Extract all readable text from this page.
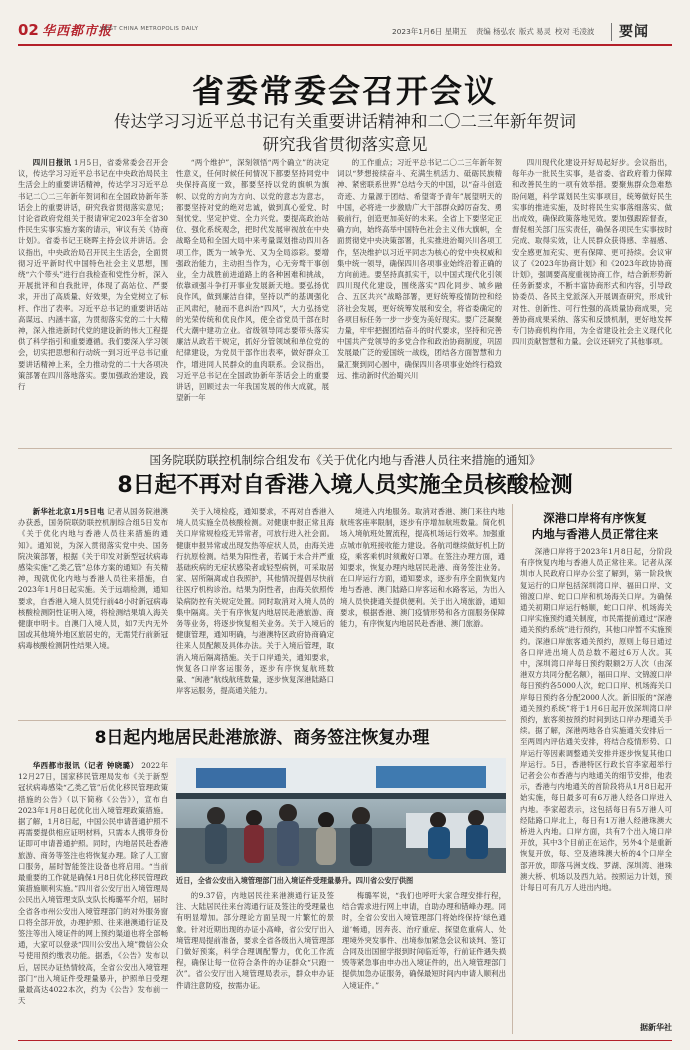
02 华西都市报
WEST CHINA METROPOLIS DAILY	2023年1月6日 星期五 责编 杨弘农 版式 易灵 校对 毛凌波 要闻
省委常委会召开会议
传达学习习近平总书记有关重要讲话精神和二〇二三年新年贺词
研究我省贯彻落实意见

四川日报讯 1月5日，省委常委会召开会议，传达学习习近平总书记在中央政治局民主生活会上的重要讲话精神，传达学习习近平总书记二〇二三年新年贺词和在全国政协新年茶话会上的重要讲话，研究我省贯彻落实意见；讨论省政府党组关于报请审定2023年全省30件民生实事实施方案的请示，审议有关《协商计划》。省委书记王晓晖主持会议并讲话。会议指出，中央政治局召开民主生活会，全面贯彻习近平新时代中国特色社会主义思想，围绕“六个带头”进行自我检查和党性分析，深入开展批评和自我批评，体现了高站位、严要求，开出了高质量、好效果，为全党树立了标杆、作出了表率。习近平总书记的重要讲话站高谋远、内涵丰富，为贯彻落实党的二十大精神，深入推进新时代党的建设新的伟大工程提供了科学指引和重要遵循。我们要深入学习领会，切实把思想和行动统一到习近平总书记重要讲话精神上来，全力推动党的二十大各项决策部署在四川落地落实。要加强政治建设，践行

“两个维护”，深刻领悟“两个确立”的决定性意义，任何时候任何情况下都要坚持同党中央保持高度一致，都要坚持以党的旗帜为旗帜、以党的方向为方向、以党的意志为意志，都要坚持对党的绝对忠诚，做到真心爱党、时刻忧党、坚定护党、全力兴党。要提高政治站位、强化系统观念，把时代发展审视放在中央战略全局和全国大局中来考量谋划推动四川各项工作，既为一域争光、又为全局添彩。要增强政治能力，主动担当作为，心无旁骛干事创业，全力战胜前进道路上的各种困难和挑战，依靠顽强斗争打开事业发展新天地。要弘扬优良作风，做到廉洁自律，坚持以严的基调强化正风肃纪，驰而不息纠治“四风”，大力弘扬党的光荣传统和优良作风，使全省党员干部在时代大潮中建功立业。省级领导同志要带头落实廉洁从政若干规定，抓好分管领域和单位党的纪律建设，为党员干部作出表率，做好群众工作，增进同人民群众的血肉联系。会议指出，习近平总书记在全国政协新年茶话会上的重要讲话，回顾过去一年我国发展的伟大成就，展望新一年

的工作重点；习近平总书记二〇二三年新年贺词以“梦想接续奋斗、充满生机活力、砥砺民族精神、紧密联系世界”总结今天的中国，以“奋斗创造奇迹、力量源于团结、希望寄予青年”展望明天的中国，必将进一步激励广大干部群众踔厉奋发、勇毅前行，创造更加美好的未来。全省上下要坚定正确方向，始终高举中国特色社会主义伟大旗帜，全面贯彻党中央决策部署，扎实推进治蜀兴川各项工作，坚决维护以习近平同志为核心的党中央权威和集中统一领导，确保四川各项事业始终沿着正确的方向前进。要坚持真抓实干，以中国式现代化引领四川现代化建设，围绕落实“四化同步、城乡融合、五区共兴”战略部署，更好统筹疫情防控和经济社会发展，更好统筹发展和安全，将省委确定的各项目标任务一步一步变为美好现实。要广泛凝聚力量，牢牢把握团结奋斗的时代要求，坚持和完善中国共产党领导的多党合作和政治协商制度，巩固发展最广泛的爱国统一战线，团结各方面智慧和力量汇聚到同心圆中，确保四川各项事业始终行稳致远、推动新时代治蜀兴川

四川现代化建设开好局起好步。会议指出，每年办一批民生实事，是省委、省政府着力保障和改善民生的一项有效举措。要聚焦群众急难愁盼问题，科学谋划民生实事项目，统筹做好民生实事的推进实施，及时将民生实事落细落实、做出成效，确保政策落地见效。要加强跟踪督查，督促相关部门压实责任，确保各项民生实事按时完成、取得实效，让人民群众获得感、幸福感、安全感更加充实、更有保障、更可持续。会议审议了《2023年协商计划》和《2023年政协协商计划》，强调要高度重视协商工作，结合新形势新任务新要求，不断丰富协商形式和内容，引导政协委员、各民主党派深入开展调查研究，形成针对性、创新性、可行性强的高质量协商成果，完善协商成果采纳、落实和反馈机制，更好地发挥专门协商机构作用，为全省建设社会主义现代化四川贡献智慧和力量。会议还研究了其他事项。

国务院联防联控机制综合组发布《关于优化内地与香港人员往来措施的通知》
8日起不再对自香港入境人员实施全员核酸检测

新华社北京1月5日电 记者从国务院港澳办获悉，国务院联防联控机制综合组5日发布《关于优化内地与香港人员往来措施的通知》。通知说，为深入贯彻落实党中央、国务院决策部署，根据《关于印发对新型冠状病毒感染实施“乙类乙管”总体方案的通知》有关精神，现就优化内地与香港人员往来措施，自2023年1月8日起实施。关于远端检测，通知要求，自香港入境人员凭行前48小时新冠病毒核酸检测阴性证明入境，将检测结果填入海关健康申明卡。自澳门入境人员，如7天内无外国或其他境外地区旅居史的，无需凭行前新冠病毒核酸检测阴性结果入境。

关于入境检疫，通知要求，不再对自香港入境人员实施全员核酸检测。对健康申报正常且海关口岸常规检疫无异常者，可放行进入社会面。健康申报异常或出现发热等症状人员，由海关进行抗原检测。结果为阳性者，若属于未合并严重基础疾病的无症状感染者或轻型病例，可采取居家、居所隔离或自我照护，其他情况提倡尽快前往医疗机构诊治。结果为阴性者，由海关依照传染病防控有关规定处置。同时取消对入境人员的集中隔离。关于有序恢复内地居民赴港旅游、商务等业务，将逐步恢复相关业务。关于入境后的健康管理，通知明确，与港澳特区政府协商确定往来人员配额及具体办法。关于入境后管理，取消入境后隔离措施。关于口岸通关，通知要求，恢复各口岸客运服务，逐步有序恢复航班数量、“闽港”航线航班数量，逐步恢复深港陆路口岸客运服务，提高通关能力。

境进入内地服务。取消对香港、澳门来往内地航班客座率限制，逐步有序增加航班数量。简化机场入境航班处置流程，提高机场运行效率。加强重点城市航班接收能力建设。各航司继续做好机上防疫，乘客乘机时须戴好口罩。在签注办理方面，通知要求，恢复办理内地居民赴港、商务签注业务。在口岸运行方面，通知要求，逐步有序全面恢复内地与香港、澳门陆路口岸客运和水路客运，为出入境人员快捷通关提供便利。关于出入境旅游，通知要求，根据香港、澳门疫情形势和各方面服务保障能力，有序恢复内地居民赴香港、澳门旅游。

深港口岸将有序恢复
内地与香港人员正常往来

深港口岸将于2023年1月8日起，分阶段有序恢复内地与香港人员正常往来。记者从深圳市人民政府口岸办公室了解到，第一阶段恢复运行的口岸包括深圳湾口岸、福田口岸、文锦渡口岸、蛇口口岸和机场海关口岸。为确保通关初期口岸运行畅顺，蛇口口岸、机场海关口岸实施预约通关制度，市民需提前通过“深港通关预约系统”进行预约，其他口岸暂不实施预约。深港口岸旅客通关预约，原则上每日通过各口岸进出境人员总数不超过6万人次。其中，深圳湾口岸每日预约限额2万人次（由深港双方共同分配名额），福田口岸、文锦渡口岸每日预约各5000人次，蛇口口岸、机场海关口岸每日预约各分配2000人次。新旧版的“深港通关预约系统”将于1月6日起开放深圳湾口岸预约，旅客须按预约时间到达口岸办理通关手续。据了解，深港两地各自实施通关安排后一至两周内评估通关安排，将结合疫情形势、口岸运行等因素调整通关安排并逐步恢复其他口岸运行。5日，香港特区行政长官李家超举行记者会公布香港与内地通关的细节安排，他表示，香港与内地通关的首阶段将从1月8日起开始实施，每日最多可有6万港人经各口岸进入内地。李家超表示，这包括每日有5万港人可经陆路口岸北上，每日有1万港人经港珠澳大桥进入内地。口岸方面，共有7个出入境口岸开放，其中3个目前正在运作，另外4个是重新恢复开放，每、空及港珠澳大桥的4个口岸全部开放，即落马洲支线、罗湖、深圳湾、港珠澳大桥、机场以及西九站。按照运力计划，预计每日可有几万人进出内地。

据新华社
8日起内地居民赴港旅游、商务签注恢复办理

华西都市报讯（记者 钟晓璐） 2022年12月27日，国家移民管理局发布《关于新型冠状病毒感染“乙类乙管”后优化移民管理政策措施的公告》（以下简称《公告》），宣布自2023年1月8日起优化出入境管理政策措施。据了解，1月8日起，中国公民申请普通护照不再需要提供相应证明材料，只需本人携带身份证即可申请普通护照。同时，内地居民赴香港旅游、商务等签注也将恢复办理。除了人工窗口服务，届时智能签注设备也将启用。“当前最重要的工作就是确保1月8日优化移民管理政策措施顺利实施。”四川省公安厅出入境管理局公民出入境管理支队支队长梅璐军介绍，届时全省各市州公安出入境管理部门的对外服务窗口将全部开放，办理护照、往来港澳通行证及签注等出入境证件的网上预约渠道也将全部畅通，大家可以登录“四川公安出入境”微信公众号使用预约缴表功能。据悉，《公告》发布以后，居民办证热情较高，全省公安出入境管理部门“出入境证件受理量暴升，护照单日受理量最高达4022本次，约为《公告》发布前一天

近日，全省公安出入境管理部门出入境证件受理量暴升。四川省公安厅供图

的9.37倍，内地居民往来港澳通行证及签注、大陆居民往来台湾通行证及签注的受理量也有明显增加。部分理论方面呈现一片繁忙的景象。针对近期出现的办证小高峰，省公安厅出入境管理局提前准备，要求全省各级出入境管理部门做好预案，科学合理调配警力，优化工作流程，确保让每一位符合条件的办证群众“只跑一次”。省公安厅出入境管理局表示，群众申办证件请注意防疫，按需办证。

梅璐军说，“我们也呼吁大家合理安排行程，结合需求进行网上申请，自助办理和错峰办理。同时，全省公安出入境管理部门将始终保持‘绿色通道’畅通，因奔丧、治疗重症、探望危重病人、处理境外突发事件、出境参加紧急会议和谈判、签订合同及出国留学报到时间临近等，行前证件遇失损毁等紧急事由申办出入境证件的，出入境管理部门提供加急办证服务，确保最短时间内申请人顺利出入境证件。”
